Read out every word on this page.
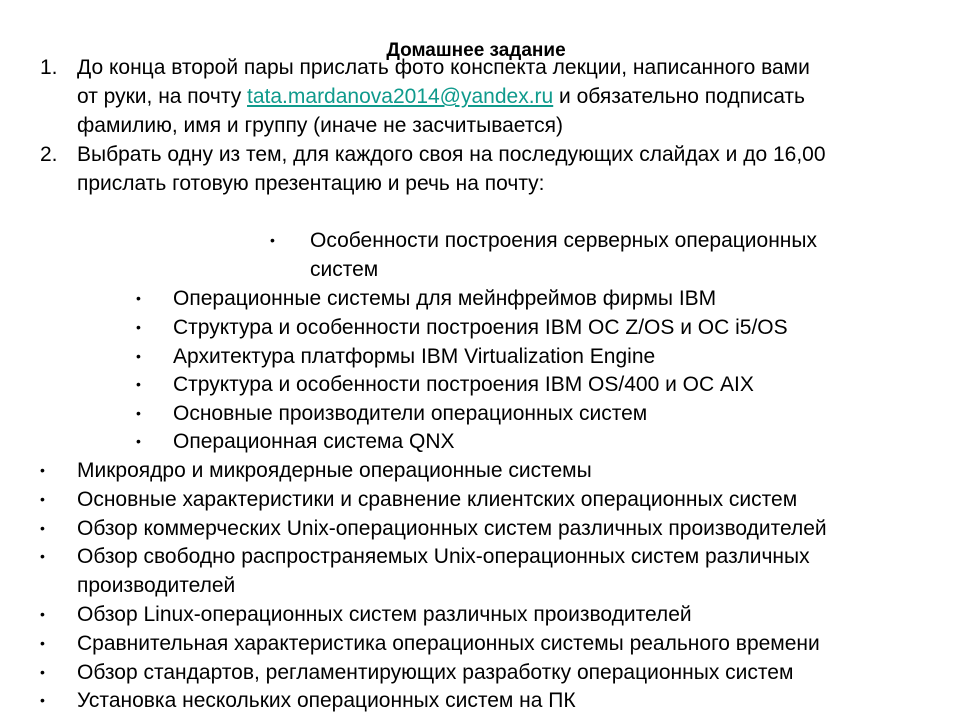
Домашнее задание
1. До конца второй пары прислать фото конспекта лекции, написанного вами
от руки, на почту tata.mardanova2014@yandex.ru и обязательно подписать
фамилию, имя и группу (иначе не засчитывается)
2. Выбрать одну из тем, для каждого своя на последующих слайдах и до 16,00
прислать готовую презентацию и речь на почту:
• Особенности построения серверных операционных
систем
• Операционные системы для мейнфреймов фирмы IBM
• Структура и особенности построения IBM ОС Z/OS и ОС i5/OS
• Архитектура платформы IBM Virtualization Engine
• Структура и особенности построения IBM OS/400 и ОС AIX
• Основные производители операционных систем
• Операционная система QNX
• Микроядро и микроядерные операционные системы
• Основные характеристики и сравнение клиентских операционных систем
• Обзор коммерческих Unix-операционных систем различных производителей
• Обзор свободно распространяемых Unix-операционных систем различных
производителей
• Обзор Linux-операционных систем различных производителей
• Сравнительная характеристика операционных системы реального времени
• Обзор стандартов, регламентирующих разработку операционных систем
• Установка нескольких операционных систем на ПК
